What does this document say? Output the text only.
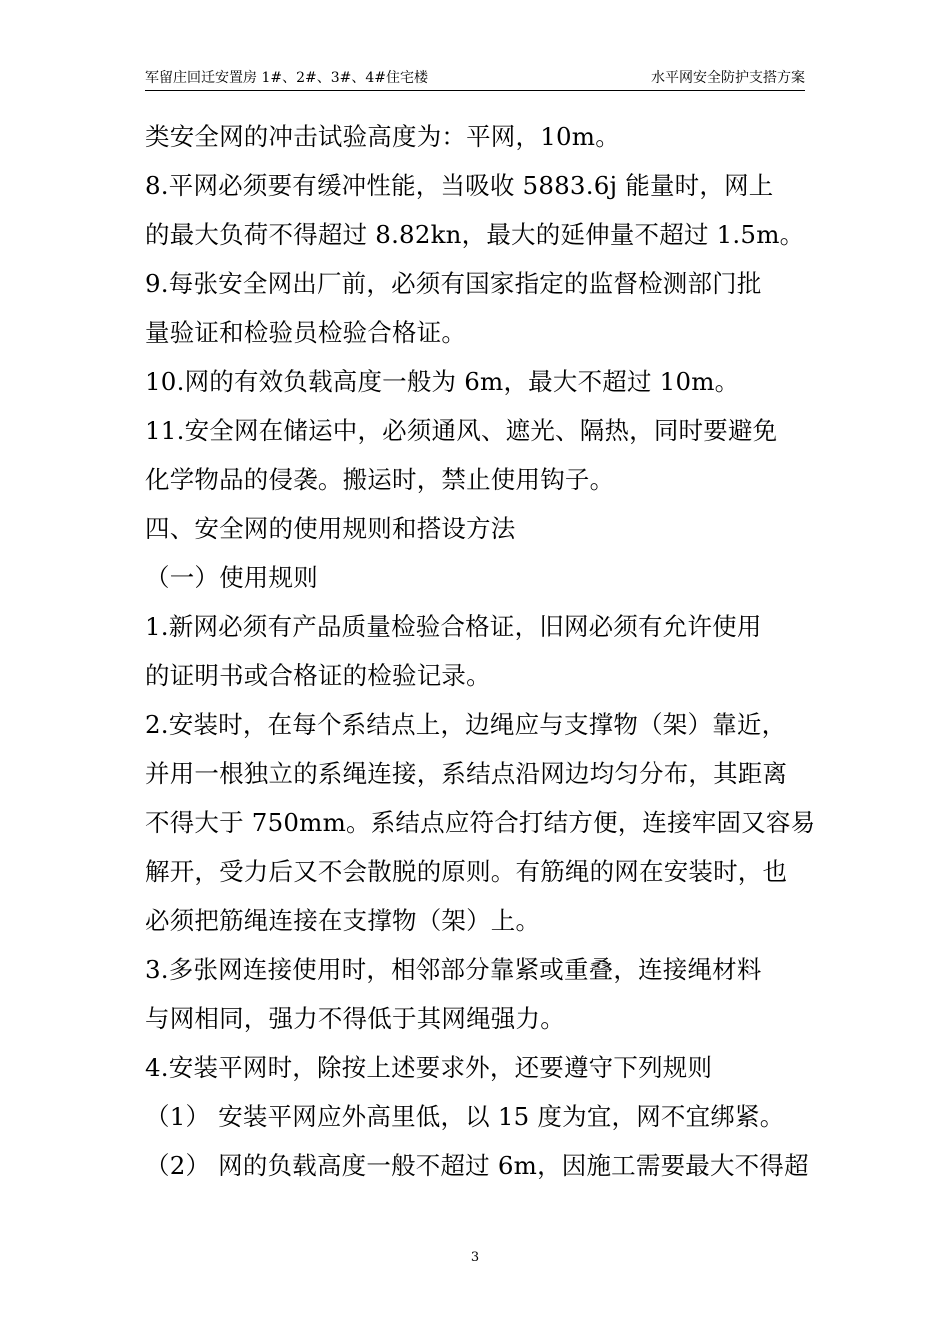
军留庄回迁安置房 1#、2#、3#、4#住宅楼	水平网安全防护支搭方案
类安全网的冲击试验高度为：平网，10m。
8.平网必须要有缓冲性能，当吸收 5883.6j 能量时，网上
的最大负荷不得超过 8.82kn，最大的延伸量不超过 1.5m。
9.每张安全网出厂前，必须有国家指定的监督检测部门批
量验证和检验员检验合格证。
10.网的有效负载高度一般为 6m，最大不超过 10m。
11.安全网在储运中，必须通风、遮光、隔热，同时要避免
化学物品的侵袭。搬运时，禁止使用钩子。
四、安全网的使用规则和搭设方法
（一）使用规则
1.新网必须有产品质量检验合格证，旧网必须有允许使用
的证明书或合格证的检验记录。
2.安装时，在每个系结点上，边绳应与支撑物（架）靠近，
并用一根独立的系绳连接，系结点沿网边均匀分布，其距离
不得大于 750mm。系结点应符合打结方便，连接牢固又容易
解开，受力后又不会散脱的原则。有筋绳的网在安装时，也
必须把筋绳连接在支撑物（架）上。
3.多张网连接使用时，相邻部分靠紧或重叠，连接绳材料
与网相同，强力不得低于其网绳强力。
4.安装平网时，除按上述要求外，还要遵守下列规则
（1） 安装平网应外高里低，以 15 度为宜，网不宜绑紧。
（2） 网的负载高度一般不超过 6m，因施工需要最大不得超
3
